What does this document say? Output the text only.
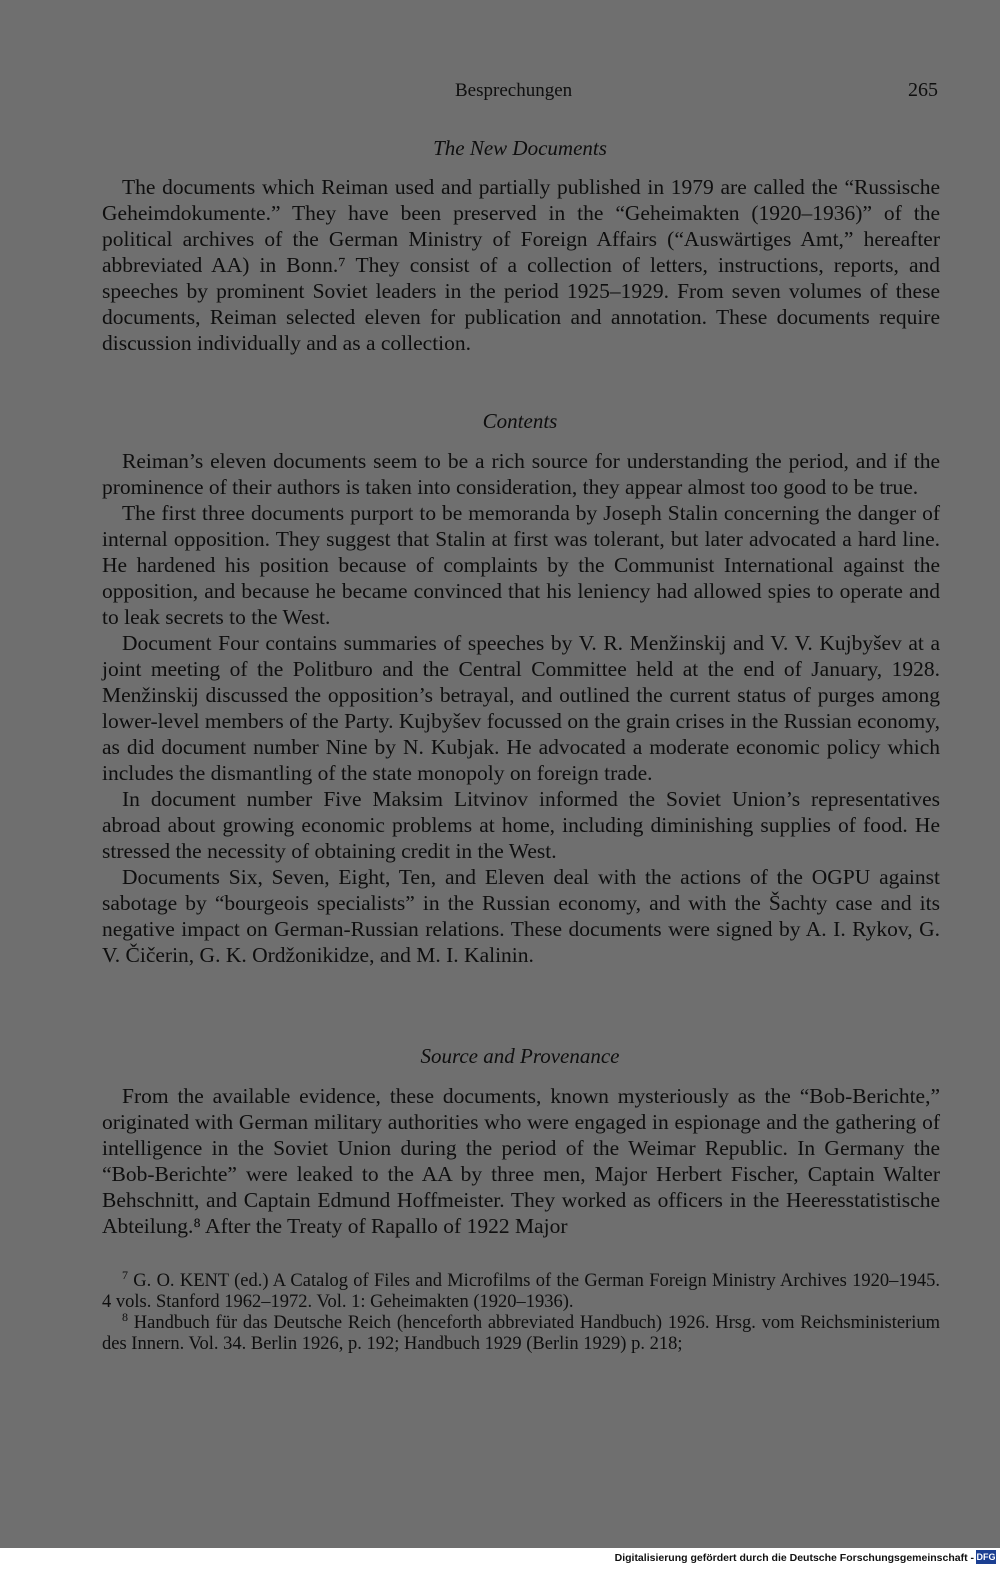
Besprechungen	265
The New Documents

The documents which Reiman used and partially published in 1979 are called the “Russische Geheimdokumente.” They have been preserved in the “Geheimakten (1920–1936)” of the political archives of the German Ministry of Foreign Affairs (“Auswärtiges Amt,” hereafter abbreviated AA) in Bonn.⁷ They consist of a collection of letters, instructions, reports, and speeches by prominent Soviet leaders in the period 1925–1929. From seven volumes of these documents, Reiman selected eleven for publication and annotation. These documents require discussion individually and as a collection.

Contents

Reiman’s eleven documents seem to be a rich source for understanding the period, and if the prominence of their authors is taken into consideration, they appear almost too good to be true.

The first three documents purport to be memoranda by Joseph Stalin concerning the danger of internal opposition. They suggest that Stalin at first was tolerant, but later advocated a hard line. He hardened his position because of complaints by the Communist International against the opposition, and because he became convinced that his leniency had allowed spies to operate and to leak secrets to the West.

Document Four contains summaries of speeches by V. R. Menžinskij and V. V. Kujbyšev at a joint meeting of the Politburo and the Central Committee held at the end of January, 1928. Menžinskij discussed the opposition’s betrayal, and outlined the current status of purges among lower-level members of the Party. Kujbyšev focussed on the grain crises in the Russian economy, as did document number Nine by N. Kubjak. He advocated a moderate economic policy which includes the dismantling of the state monopoly on foreign trade.

In document number Five Maksim Litvinov informed the Soviet Union’s representatives abroad about growing economic problems at home, including diminishing supplies of food. He stressed the necessity of obtaining credit in the West.

Documents Six, Seven, Eight, Ten, and Eleven deal with the actions of the OGPU against sabotage by “bourgeois specialists” in the Russian economy, and with the Šachty case and its negative impact on German-Russian relations. These documents were signed by A. I. Rykov, G. V. Čičerin, G. K. Ordžonikidze, and M. I. Kalinin.

Source and Provenance

From the available evidence, these documents, known mysteriously as the “Bob-Berichte,” originated with German military authorities who were engaged in espionage and the gathering of intelligence in the Soviet Union during the period of the Weimar Republic. In Germany the “Bob-Berichte” were leaked to the AA by three men, Major Herbert Fischer, Captain Walter Behschnitt, and Captain Edmund Hoffmeister. They worked as officers in the Heeresstatistische Abteilung.⁸ After the Treaty of Rapallo of 1922 Major

$^7$ G. O. KENT (ed.) A Catalog of Files and Microfilms of the German Foreign Ministry Archives 1920–1945. 4 vols. Stanford 1962–1972. Vol. 1: Geheimakten (1920–1936).

$^8$ Handbuch für das Deutsche Reich (henceforth abbreviated Handbuch) 1926. Hrsg. vom Reichsministerium des Innern. Vol. 34. Berlin 1926, p. 192; Handbuch 1929 (Berlin 1929) p. 218;

Digitalisierung gefördert durch die Deutsche Forschungsgemeinschaft - DFG
